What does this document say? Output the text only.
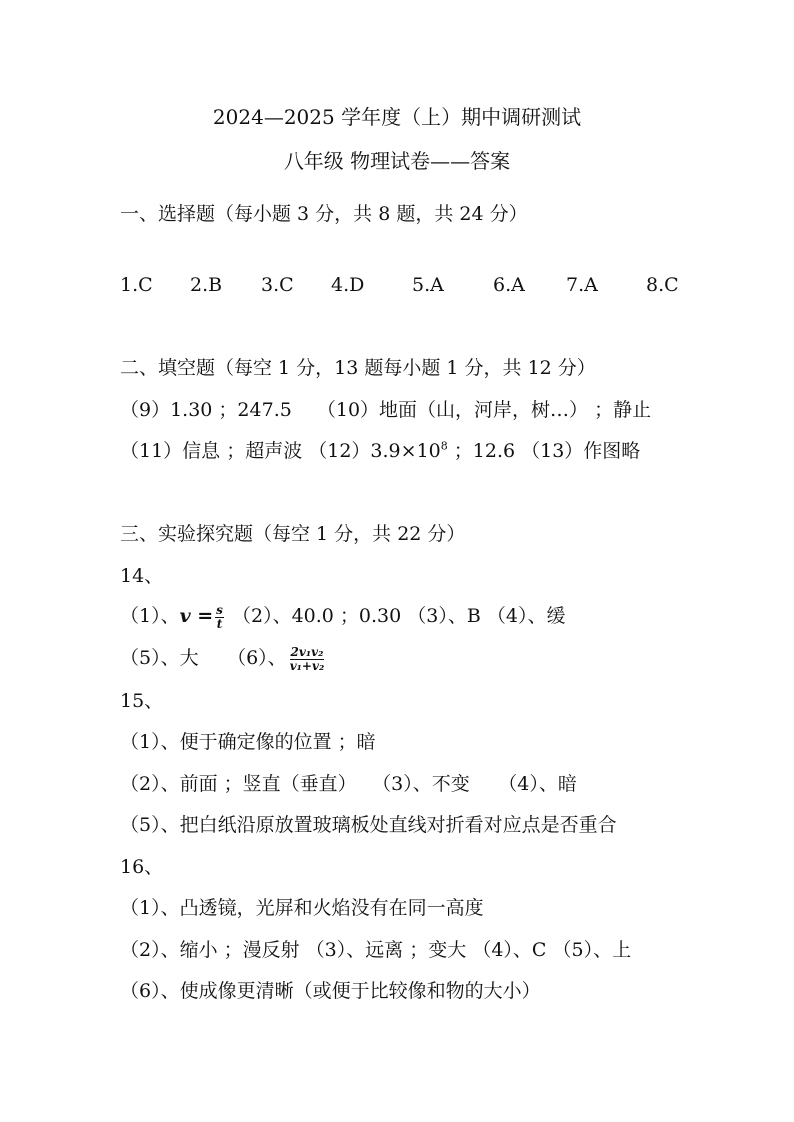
2024—2025 学年度（上）期中调研测试
八年级 物理试卷——答案
一、选择题（每小题 3 分，共 8 题，共 24 分）
1.C 2.B 3.C 4.D	5.A	6.A 7.A	8.C
二、填空题（每空 1 分，13 题每小题 1 分，共 12 分）
（9）1.30 ；247.5　 （10）地面（山，河岸，树…） ；静止
（11）信息 ；超声波 $(12)3.9\times 10^8$ ；12.6 （13）作图略
三、实验探究题（每空 1 分，共 22 分）
14、
（1）、$v = \frac{s}{t} (2)$、40.0 ；0.30 （3）、B （4）、缓
（5）、大　　（6）、 $\frac{\text{2v₁v₂}}{\text{v₁+v₂}}$
15、
（1）、便于确定像的位置 ；暗
（2）、前面 ；竖直（垂直）　 （3）、不变　　（4）、暗
（5）、把白纸沿原放置玻璃板处直线对折看对应点是否重合
16、
（1）、凸透镜，光屏和火焰没有在同一高度
（2）、缩小 ；漫反射 （3）、远离 ；变大 （4）、C （5）、上
（6）、使成像更清晰（或便于比较像和物的大小）
